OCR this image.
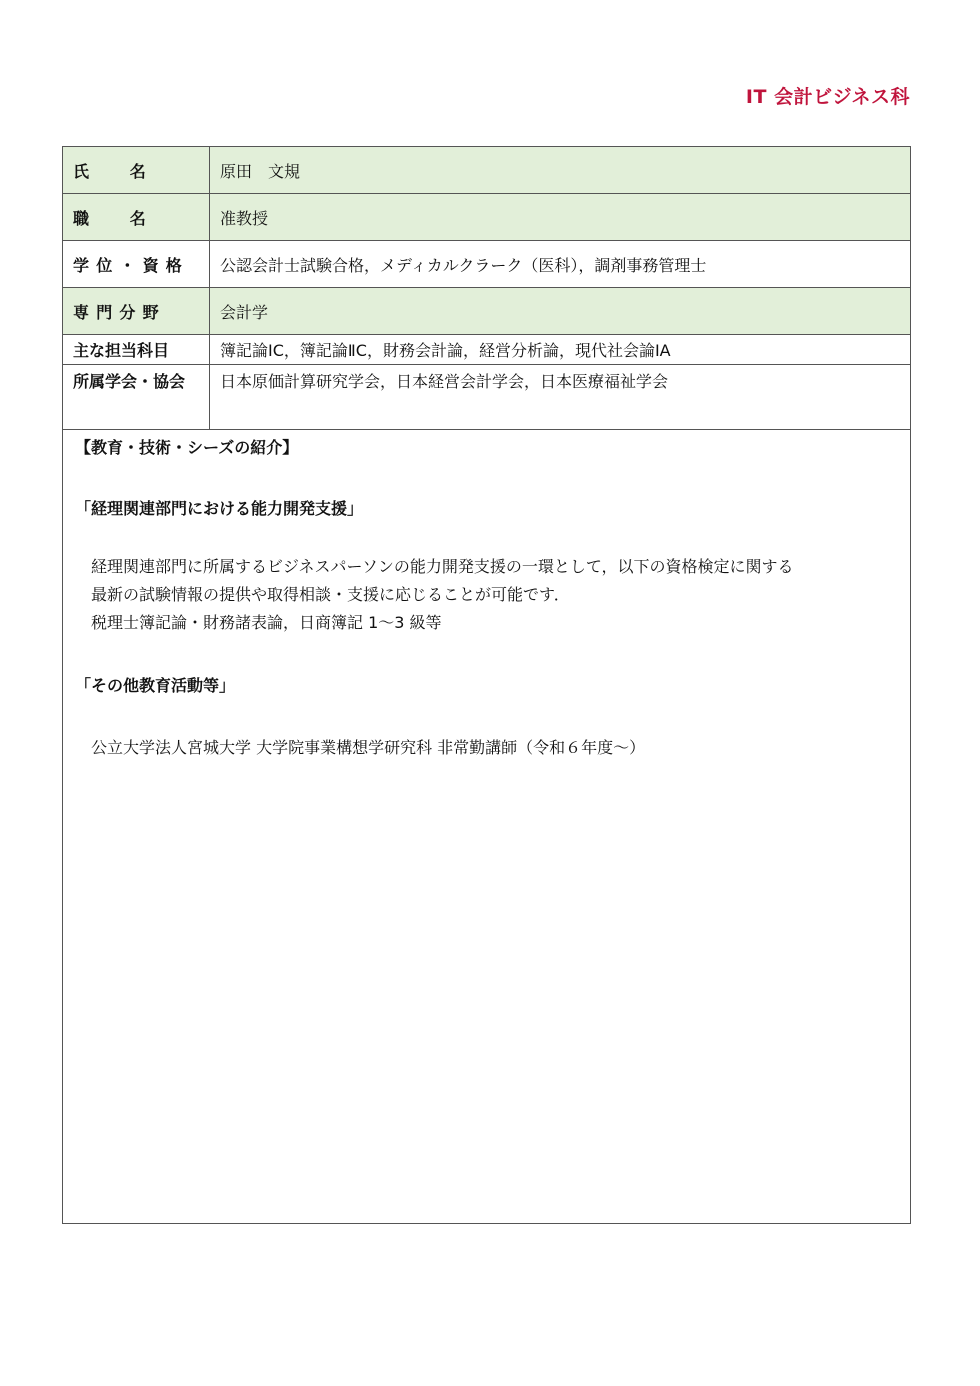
IT 会計ビジネス科
氏 名	原田　文規
職 名	准教授
学位・資格	公認会計士試験合格，メディカルクラーク（医科），調剤事務管理士
専門分野	会計学
主な担当科目	簿記論ⅠC，簿記論ⅡC，財務会計論，経営分析論，現代社会論ⅠA
所属学会・協会	日本原価計算研究学会，日本経営会計学会，日本医療福祉学会
【教育・技術・シーズの紹介】
「経理関連部門における能力開発支援」

経理関連部門に所属するビジネスパーソンの能力開発支援の一環として，以下の資格検定に関する

最新の試験情報の提供や取得相談・支援に応じることが可能です．

税理士簿記論・財務諸表論，日商簿記 1～3 級等

「その他教育活動等」

公立大学法人宮城大学 大学院事業構想学研究科 非常勤講師（令和６年度～）
